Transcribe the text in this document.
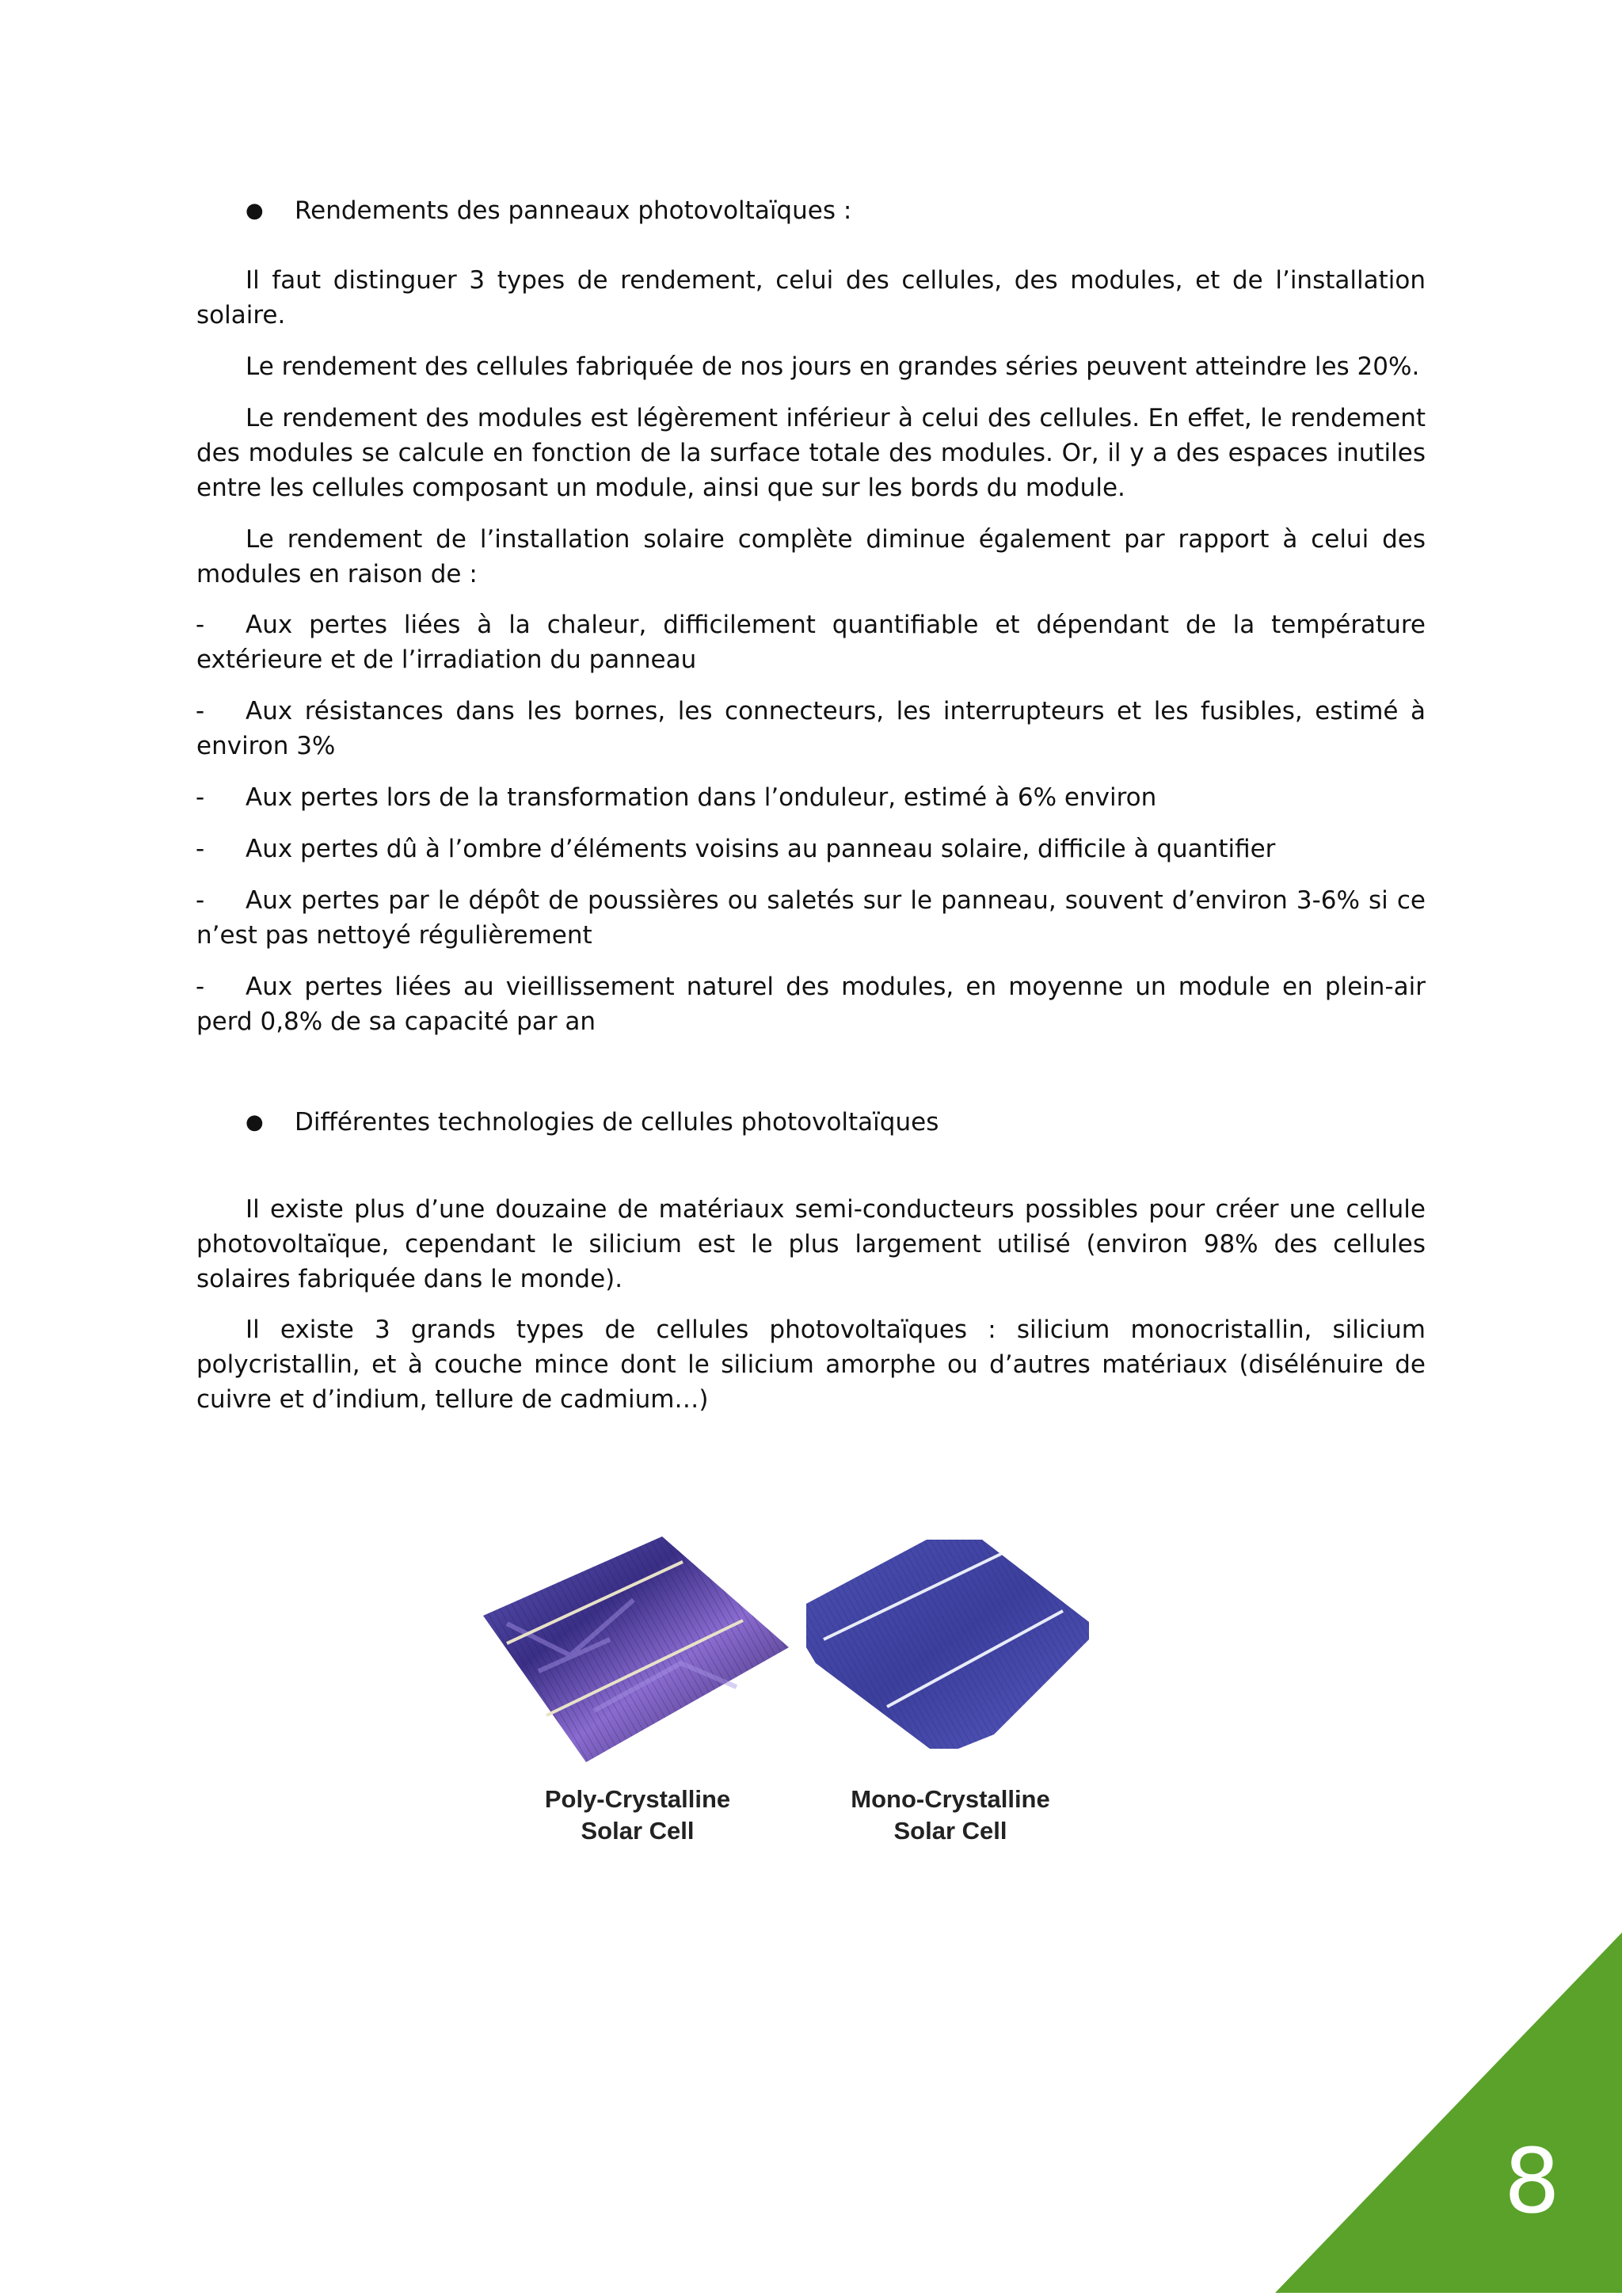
● Rendements des panneaux photovoltaïques :

Il faut distinguer 3 types de rendement, celui des cellules, des modules, et de l’installation solaire.

Le rendement des cellules fabriquée de nos jours en grandes séries peuvent atteindre les 20%.

Le rendement des modules est légèrement inférieur à celui des cellules. En effet, le rendement des modules se calcule en fonction de la surface totale des modules. Or, il y a des espaces inutiles entre les cellules composant un module, ainsi que sur les bords du module.

Le rendement de l’installation solaire complète diminue également par rapport à celui des modules en raison de :

- Aux pertes liées à la chaleur, difficilement quantifiable et dépendant de la température extérieure et de l’irradiation du panneau
- Aux résistances dans les bornes, les connecteurs, les interrupteurs et les fusibles, estimé à environ 3%
- Aux pertes lors de la transformation dans l’onduleur, estimé à 6% environ
- Aux pertes dû à l’ombre d’éléments voisins au panneau solaire, difficile à quantifier
- Aux pertes par le dépôt de poussières ou saletés sur le panneau, souvent d’environ 3-6% si ce n’est pas nettoyé régulièrement
- Aux pertes liées au vieillissement naturel des modules, en moyenne un module en plein-air perd 0,8% de sa capacité par an
● Différentes technologies de cellules photovoltaïques

Il existe plus d’une douzaine de matériaux semi-conducteurs possibles pour créer une cellule photovoltaïque, cependant le silicium est le plus largement utilisé (environ 98% des cellules solaires fabriquée dans le monde).

Il existe 3 grands types de cellules photovoltaïques : silicium monocristallin, silicium polycristallin, et à couche mince dont le silicium amorphe ou d’autres matériaux (disélénuire de cuivre et d’indium, tellure de cadmium…)

Poly-Crystalline
Solar Cell
Mono-Crystalline
Solar Cell
8
